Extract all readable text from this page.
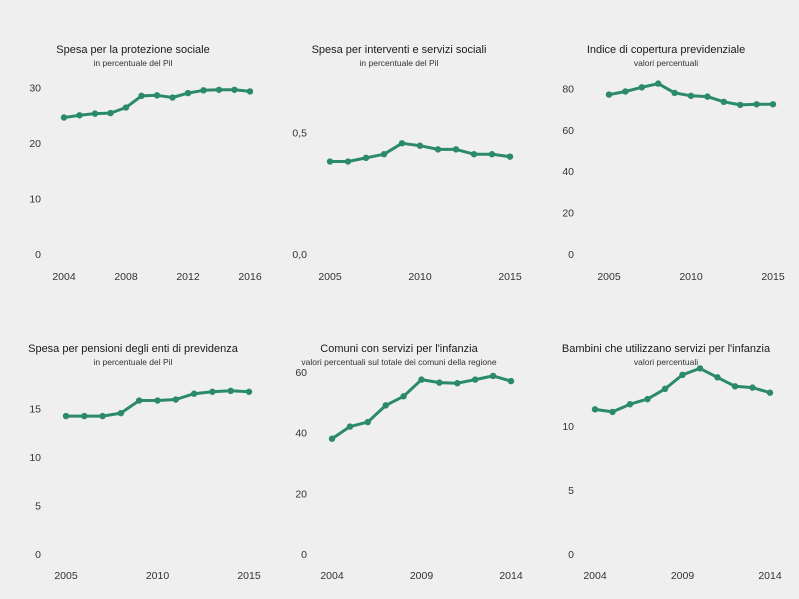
Spesa per la protezione sociale
in percentuale del Pil
0
10
20
30
2004	2008	2012	2016
Spesa per interventi e servizi sociali
in percentuale del Pil
0,0
0,5
2005	2010	2015
Indice di copertura previdenziale
valori percentuali
0
20
40
60
80
2005	2010	2015
Spesa per pensioni degli enti di previdenza
in percentuale del Pil
0
5
10
15
2005	2010	2015
Comuni con servizi per l'infanzia
valori percentuali sul totale dei comuni della regione
0
20
40
60
2004	2009	2014
Bambini che utilizzano servizi per l'infanzia
valori percentuali
0
5
10
2004	2009	2014
